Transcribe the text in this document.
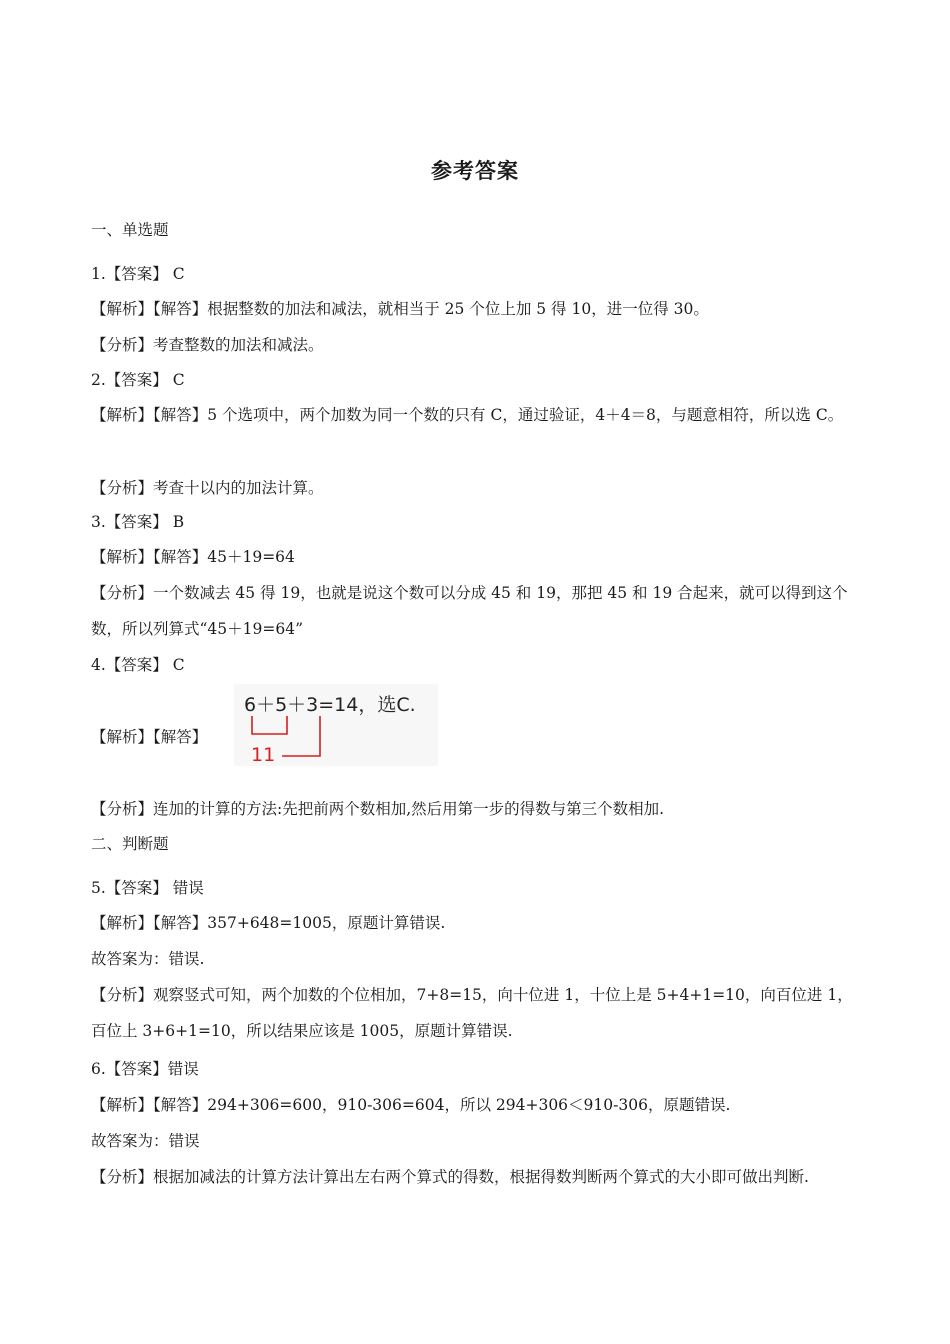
参考答案
一、单选题
1.【答案】 C
【解析】【解答】根据整数的加法和减法，就相当于 25 个位上加 5 得 10，进一位得 30。
【分析】考查整数的加法和减法。
2.【答案】 C
【解析】【解答】5 个选项中，两个加数为同一个数的只有 C，通过验证，4＋4＝8，与题意相符，所以选 C。
【分析】考查十以内的加法计算。
3.【答案】 B
【解析】【解答】45＋19=64
【分析】一个数减去 45 得 19，也就是说这个数可以分成 45 和 19，那把 45 和 19 合起来，就可以得到这个数，所以列算式“45＋19=64”
4.【答案】 C
【解析】【解答】
6＋5＋3=14，选C.
11
【分析】连加的计算的方法:先把前两个数相加,然后用第一步的得数与第三个数相加.
二、判断题
5.【答案】 错误
【解析】【解答】357+648=1005，原题计算错误.
故答案为：错误.
【分析】观察竖式可知，两个加数的个位相加，7+8=15，向十位进 1，十位上是 5+4+1=10，向百位进 1，百位上 3+6+1=10，所以结果应该是 1005，原题计算错误.
6.【答案】错误
【解析】【解答】294+306=600，910-306=604，所以 294+306＜910-306，原题错误.
故答案为：错误
【分析】根据加减法的计算方法计算出左右两个算式的得数，根据得数判断两个算式的大小即可做出判断.
